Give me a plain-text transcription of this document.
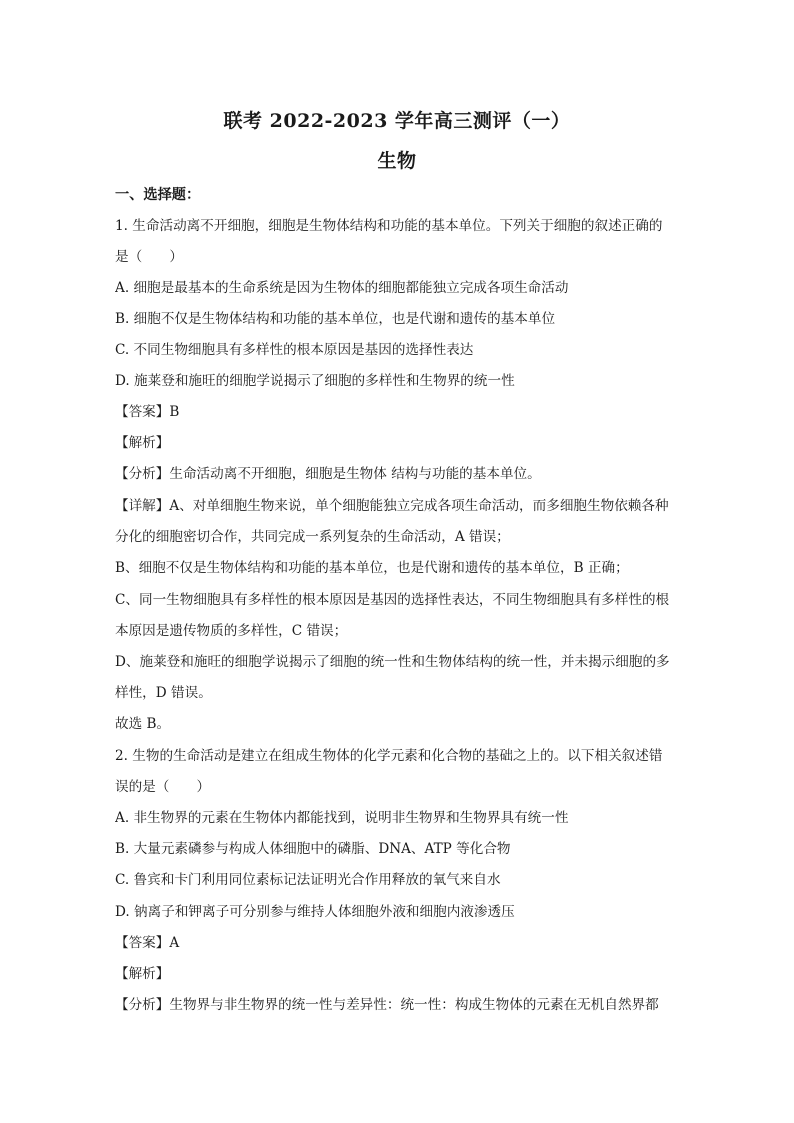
联考 2022-2023 学年高三测评（一）
生物
一、选择题：
1. 生命活动离不开细胞，细胞是生物体结构和功能的基本单位。下列关于细胞的叙述正确的
是（　　）
A. 细胞是最基本的生命系统是因为生物体的细胞都能独立完成各项生命活动
B. 细胞不仅是生物体结构和功能的基本单位，也是代谢和遗传的基本单位
C. 不同生物细胞具有多样性的根本原因是基因的选择性表达
D. 施莱登和施旺的细胞学说揭示了细胞的多样性和生物界的统一性
【答案】B
【解析】
【分析】生命活动离不开细胞，细胞是生物体 结构与功能的基本单位。
【详解】A、对单细胞生物来说，单个细胞能独立完成各项生命活动，而多细胞生物依赖各种
分化的细胞密切合作，共同完成一系列复杂的生命活动，A 错误；
B、细胞不仅是生物体结构和功能的基本单位，也是代谢和遗传的基本单位，B 正确；
C、同一生物细胞具有多样性的根本原因是基因的选择性表达，不同生物细胞具有多样性的根
本原因是遗传物质的多样性，C 错误；
D、施莱登和施旺的细胞学说揭示了细胞的统一性和生物体结构的统一性，并未揭示细胞的多
样性，D 错误。
故选 B。
2. 生物的生命活动是建立在组成生物体的化学元素和化合物的基础之上的。以下相关叙述错
误的是（　　）
A. 非生物界的元素在生物体内都能找到，说明非生物界和生物界具有统一性
B. 大量元素磷参与构成人体细胞中的磷脂、DNA、ATP 等化合物
C. 鲁宾和卡门利用同位素标记法证明光合作用释放的氧气来自水
D. 钠离子和钾离子可分别参与维持人体细胞外液和细胞内液渗透压
【答案】A
【解析】
【分析】生物界与非生物界的统一性与差异性：统一性：构成生物体的元素在无机自然界都
